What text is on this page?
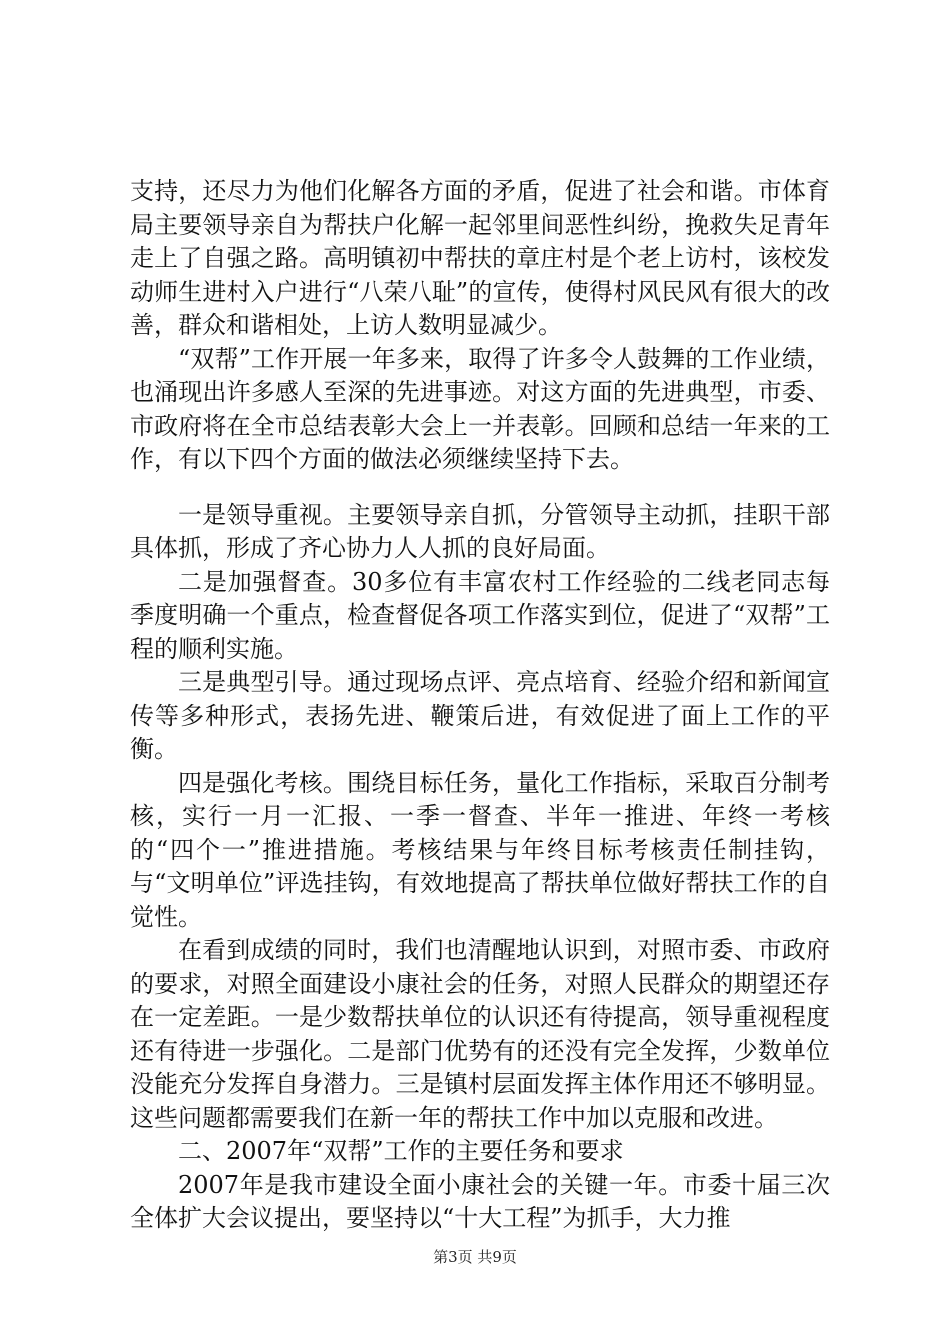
支持，还尽力为他们化解各方面的矛盾，促进了社会和谐。市体育局主要领导亲自为帮扶户化解一起邻里间恶性纠纷，挽救失足青年走上了自强之路。高明镇初中帮扶的章庄村是个老上访村，该校发动师生进村入户进行“八荣八耻”的宣传，使得村风民风有很大的改善，群众和谐相处，上访人数明显减少。

“双帮”工作开展一年多来，取得了许多令人鼓舞的工作业绩，也涌现出许多感人至深的先进事迹。对这方面的先进典型，市委、市政府将在全市总结表彰大会上一并表彰。回顾和总结一年来的工作，有以下四个方面的做法必须继续坚持下去。

一是领导重视。主要领导亲自抓，分管领导主动抓，挂职干部具体抓，形成了齐心协力人人抓的良好局面。

二是加强督查。30多位有丰富农村工作经验的二线老同志每季度明确一个重点，检查督促各项工作落实到位，促进了“双帮”工程的顺利实施。

三是典型引导。通过现场点评、亮点培育、经验介绍和新闻宣传等多种形式，表扬先进、鞭策后进，有效促进了面上工作的平衡。

四是强化考核。围绕目标任务，量化工作指标，采取百分制考核，实行一月一汇报、一季一督查、半年一推进、年终一考核的“四个一”推进措施。考核结果与年终目标考核责任制挂钩，与“文明单位”评选挂钩，有效地提高了帮扶单位做好帮扶工作的自觉性。

在看到成绩的同时，我们也清醒地认识到，对照市委、市政府的要求，对照全面建设小康社会的任务，对照人民群众的期望还存在一定差距。一是少数帮扶单位的认识还有待提高，领导重视程度还有待进一步强化。二是部门优势有的还没有完全发挥，少数单位没能充分发挥自身潜力。三是镇村层面发挥主体作用还不够明显。这些问题都需要我们在新一年的帮扶工作中加以克服和改进。

二、2007年“双帮”工作的主要任务和要求

2007年是我市建设全面小康社会的关键一年。市委十届三次全体扩大会议提出，要坚持以“十大工程”为抓手，大力推

第3页 共9页
